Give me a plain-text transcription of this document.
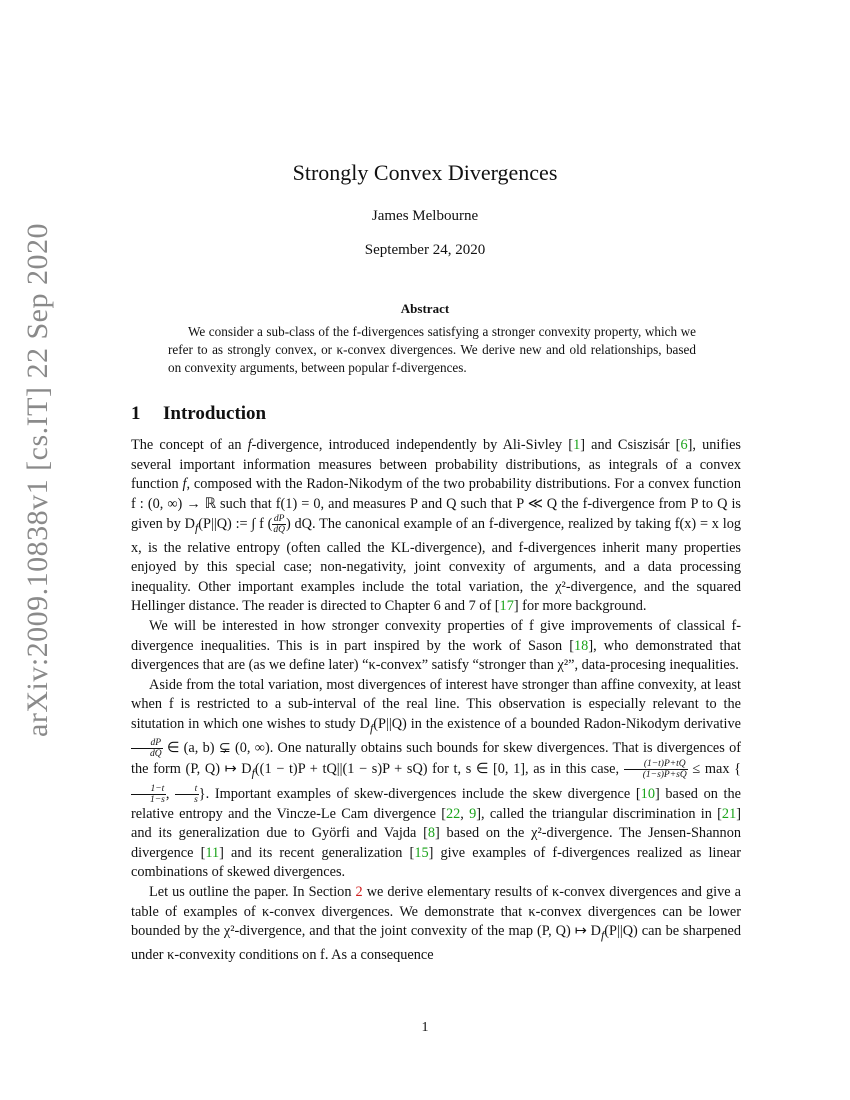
arXiv:2009.10838v1 [cs.IT] 22 Sep 2020
Strongly Convex Divergences
James Melbourne
September 24, 2020
Abstract
We consider a sub-class of the f-divergences satisfying a stronger convexity property, which we refer to as strongly convex, or κ-convex divergences. We derive new and old relationships, based on convexity arguments, between popular f-divergences.
1 Introduction

The concept of an f-divergence, introduced independently by Ali-Sivley [1] and Csiszisár [6], unifies several important information measures between probability distributions, as integrals of a convex function f, composed with the Radon-Nikodym of the two probability distributions. For a convex function f : (0, ∞) → ℝ such that f(1) = 0, and measures P and Q such that P ≪ Q the f-divergence from P to Q is given by $D_f(P||Q)$ := ∫ f ( $\frac{dP}{dQ}$ ) dQ. The canonical example of an f-divergence, realized by taking f(x) = x log x, is the relative entropy (often called the KL-divergence), and f-divergences inherit many properties enjoyed by this special case; non-negativity, joint convexity of arguments, and a data processing inequality. Other important examples include the total variation, the χ²-divergence, and the squared Hellinger distance. The reader is directed to Chapter 6 and 7 of [17] for more background.

We will be interested in how stronger convexity properties of f give improvements of classical f-divergence inequalities. This is in part inspired by the work of Sason [18], who demonstrated that divergences that are (as we define later) “κ-convex” satisfy “stronger than χ²”, data-procesing inequalities.

Aside from the total variation, most divergences of interest have stronger than affine convexity, at least when f is restricted to a sub-interval of the real line. This observation is especially relevant to the situtation in which one wishes to study $D_f(P||Q)$ in the existence of a bounded Radon-Nikodym derivative
$\frac{dP}{dQ}$ ∈ (a, b) ⊊ (0, ∞). One naturally obtains such bounds for skew divergences. That is divergences of the form (P, Q) ↦ $D_f((1 - t)P + tQ||(1 - s)P + sQ)$ for t, s ∈ [0, 1], as in this case, $\frac{(1-t)P+tQ}{(1-s)P+sQ} \le \max$ {
$\frac{1-t}{1-s}$ , $\frac{t}{s}$ }. Important examples of skew-divergences include the skew divergence [10] based on the relative entropy and the Vincze-Le Cam divergence [22, 9], called the triangular discrimination in [21] and its generalization due to Györfi and Vajda [8] based on the χ²-divergence. The Jensen-Shannon divergence [11] and its recent generalization [15] give examples of f-divergences realized as linear combinations of skewed divergences.

Let us outline the paper. In Section 2 we derive elementary results of κ-convex divergences and give a table of examples of κ-convex divergences. We demonstrate that κ-convex divergences can be lower bounded by the χ²-divergence, and that the joint convexity of the map (P, Q) ↦ $D_f(P||Q)$ can be sharpened under κ-convexity conditions on f. As a consequence

1
